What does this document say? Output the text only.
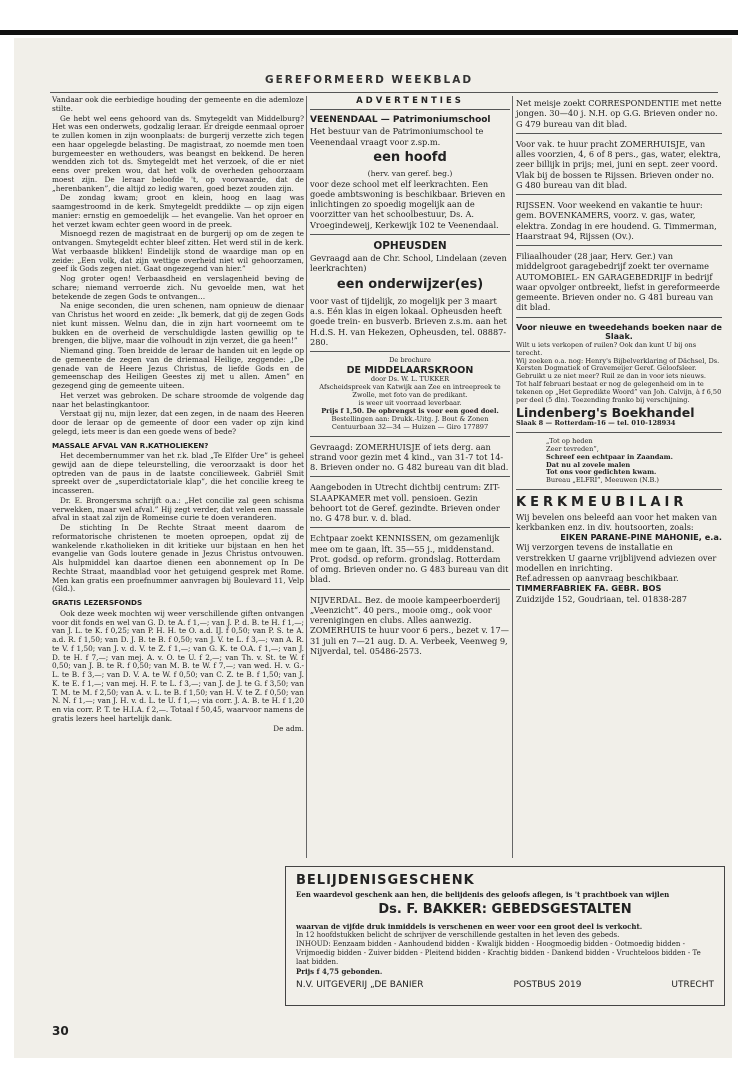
GEREFORMEERD WEEKBLAD

Vandaar ook die eerbiedige houding der gemeente en die ademloze stilte.

Ge hebt wel eens gehoord van ds. Smytegeldt van Middelburg? Het was een onderwets, godzalig leraar. Er dreigde eenmaal oproer te zullen komen in zijn woonplaats: de burgerij verzette zich tegen een haar opgelegde belasting. De magistraat, zo noemde men toen burgemeester en wethouders, was beangst en bekkend. De heren wendden zich tot ds. Smytegeldt met het verzoek, of die er niet eens over preken wou, dat het volk de overheden gehoorzaam moest zijn. De leraar beloofde 't, op voorwaarde, dat de „herenbanken”, die altijd zo ledig waren, goed bezet zouden zijn.

De zondag kwam; groot en klein, hoog en laag was saamgestroomd in de kerk. Smytegeldt preddikte — op zijn eigen manier: ernstig en gemoedelijk — het evangelie. Van het oproer en het verzet kwam echter geen woord in de preek.

Misnoegd rezen de magistraat en de burgerij op om de zegen te ontvangen. Smytegeldt echter bleef zitten. Het werd stil in de kerk. Wat verbaasde blikken! Eindelijk stond de waardige man op en zeide: „Een volk, dat zijn wettige overheid niet wil gehoorzamen, geef ik Gods zegen niet. Gaat ongezegend van hier.”

Nog groter ogen! Verbaasdheid en verslagenheid beving de schare; niemand verroerde zich. Nu gevoelde men, wat het betekende de zegen Gods te ontvangen…

Na enige seconden, die uren schenen, nam opnieuw de dienaar van Christus het woord en zeide: „Ik bemerk, dat gij de zegen Gods niet kunt missen. Welnu dan, die in zijn hart voorneemt om te bukken en de overheid de verschuldigde lasten gewillig op te brengen, die blijve, maar die volhoudt in zijn verzet, die ga heen!”

Niemand ging. Toen breidde de leraar de handen uit en legde op de gemeente de zegen van de driemaal Heilige, zeggende: „De genade van de Heere Jezus Christus, de liefde Gods en de gemeenschap des Heiligen Geestes zij met u allen. Amen” en gezegend ging de gemeente uiteen.

Het verzet was gebroken. De schare stroomde de volgende dag naar het belastingkantoor.

Verstaat gij nu, mijn lezer, dat een zegen, in de naam des Heeren door de leraar op de gemeente of door een vader op zijn kind gelegd, iets meer is dan een goede wens of bede?

MASSALE AFVAL VAN R.KATHOLIEKEN?

Het decembernummer van het r.k. blad „Te Elfder Ure” is geheel gewijd aan de diepe teleurstelling, die veroorzaakt is door het optreden van de paus in de laatste concilieweek. Gabriël Smit spreekt over de „superdictatoriale klap”, die het concilie kreeg te incasseren.

Dr. E. Brongersma schrijft o.a.: „Het concilie zal geen schisma verwekken, maar wel afval.” Hij zegt verder, dat velen een massale afval in staat zal zijn de Romeinse curie te doen veranderen.

De stichting In De Rechte Straat meent daarom de reformatorische christenen te moeten oproepen, opdat zij de wankelende r.katholieken in dit kritieke uur bijstaan en hen het evangelie van Gods loutere genade in Jezus Christus ontvouwen. Als hulpmiddel kan daartoe dienen een abonnement op In De Rechte Straat, maandblad voor het getuigend gesprek met Rome. Men kan gratis een proefnummer aanvragen bij Boulevard 11, Velp (Gld.).

GRATIS LEZERSFONDS

Ook deze week mochten wij weer verschillende giften ontvangen voor dit fonds en wel van G. D. te A. f 1,—; van J. P. d. B. te H. f 1,—; van J. L. te K. f 0,25; van P. H. H. te O. a.d. IJ. f 0,50; van P. S. te A. a.d. R. f 1,50; van D. J. B. te B. f 0,50; van J. V. te L. f 3,—; van A. R. te V. f 1,50; van J. v. d. V. te Z. f 1,—; van G. K. te O.A. f 1,—; van J. D. te H. f 7,—; van mej. A. v. O. te U. f 2,—; van Th. v. St. te W. f 0,50; van J. B. te R. f 0,50; van M. B. te W. f 7,—; van wed. H. v. G.-L. te B. f 3,—; van D. V. A. te W. f 0,50; van C. Z. te B. f 1,50; van J. K. te E. f 1,—; van mej. H. F. te L. f 3,—; van J. de J. te G. f 3,50; van T. M. te M. f 2,50; van A. v. L. te B. f 1,50; van H. V. te Z. f 0,50; van N. N. f 1,—; van J. H. v. d. L. te U. f 1,—; via corr. J. A. B. te H. f 1,20 en via corr. P. T. te H.I.A. f 2,—. Totaal f 50,45, waarvoor namens de gratis lezers heel hartelijk dank.

De adm.
ADVERTENTIES
VEENENDAAL — Patrimoniumschool
Het bestuur van de Patrimoniumschool te Veenendaal vraagt voor z.sp.m.
een hoofd
(herv. van geref. beg.)
voor deze school met elf leerkrachten. Een goede ambtswoning is beschikbaar. Brieven en inlichtingen zo spoedig mogelijk aan de voorzitter van het schoolbestuur, Ds. A. Vroegindeweij, Kerkewijk 102 te Veenendaal.
OPHEUSDEN
Gevraagd aan de Chr. School, Lindelaan (zeven leerkrachten)
een onderwijzer(es)
voor vast of tijdelijk, zo mogelijk per 3 maart a.s. Eén klas in eigen lokaal. Opheusden heeft goede trein- en busverb. Brieven z.s.m. aan het H.d.S. H. van Hekezen, Opheusden, tel. 08887-280.
De brochure
DE MIDDELAARSKROON
door Ds. W. L. TUKKER
Afscheidspreek van Katwijk aan Zee en intreepreek te Zwolle, met foto van de predikant.
is weer uit voorraad leverbaar.
Prijs f 1,50. De opbrengst is voor een goed doel.
Bestellingen aan: Drukk.-Uitg. J. Bout & Zonen Centuurbaan 32—34 — Huizen — Giro 177897
Gevraagd: ZOMERHUISJE of iets derg. aan strand voor gezin met 4 kind., van 31-7 tot 14-8. Brieven onder no. G 482 bureau van dit blad.
Aangeboden in Utrecht dichtbij centrum: ZIT-SLAAPKAMER met voll. pensioen. Gezin behoort tot de Geref. gezindte. Brieven onder no. G 478 bur. v. d. blad.
Echtpaar zoekt KENNISSEN, om gezamenlijk mee om te gaan, lft. 35—55 j., middenstand. Prot. godsd. op reform. grondslag. Rotterdam of omg. Brieven onder no. G 483 bureau van dit blad.
NIJVERDAL. Bez. de mooie kampeerboerderij „Veenzicht”. 40 pers., mooie omg., ook voor verenigingen en clubs. Alles aanwezig. ZOMERHUIS te huur voor 6 pers., bezet v. 17—31 juli en 7—21 aug. D. A. Verbeek, Veenweg 9, Nijverdal, tel. 05486-2573.
Net meisje zoekt CORRESPONDENTIE met nette jongen. 30—40 j. N.H. op G.G. Brieven onder no. G 479 bureau van dit blad.
Voor vak. te huur pracht ZOMERHUISJE, van alles voorzien, 4, 6 of 8 pers., gas, water, elektra, zeer billijk in prijs; mei, juni en sept. zeer voord. Vlak bij de bossen te Rijssen. Brieven onder no. G 480 bureau van dit blad.
RIJSSEN. Voor weekend en vakantie te huur: gem. BOVENKAMERS, voorz. v. gas, water, elektra. Zondag in ere houdend. G. Timmerman, Haarstraat 94, Rijssen (Ov.).
Filiaalhouder (28 jaar, Herv. Ger.) van middelgroot garagebedrijf zoekt ter overname AUTOMOBIEL- EN GARAGEBEDRIJF in bedrijf waar opvolger ontbreekt, liefst in gereformeerde gemeente. Brieven onder no. G 481 bureau van dit blad.
Voor nieuwe en tweedehands boeken naar de Slaak.
Wilt u iets verkopen of ruilen? Ook dan kunt U bij ons terecht.
Wij zoeken o.a. nog: Henry's Bijbelverklaring of Dächsel, Ds. Kersten Dogmatiek of Gravemeijer Geref. Geloofsleer. Gebruikt u ze niet meer? Ruil ze dan in voor iets nieuws.
Tot half februari bestaat er nog de gelegenheid om in te tekenen op „Het Gepredikte Woord” van Joh. Calvijn, à f 6,50 per deel (5 dln). Toezending franko bij verschijning.
Lindenberg's Boekhandel
Slaak 8 — Rotterdam-16 — tel. 010-128934
„Tot op heden
Zeer tevreden”,
Schreef een echtpaar in Zaandam.
Dat nu al zovele malen
Tot ons voor gedichten kwam.
Bureau „ELFRI”, Meeuwen (N.B.)
KERKMEUBILAIR
Wij bevelen ons beleefd aan voor het maken van kerkbanken enz. in div. houtsoorten, zoals:
EIKEN PARANE-PINE MAHONIE, e.a.
Wij verzorgen tevens de installatie en verstrekken U gaarne vrijblijvend adviezen over modellen en inrichting.
Ref.adressen op aanvraag beschikbaar.
TIMMERFABRIEK FA. GEBR. BOS
Zuidzijde 152, Goudriaan, tel. 01838-287
BELIJDENISGESCHENK
Een waardevol geschenk aan hen, die belijdenis des geloofs aflegen, is 't prachtboek van wijlen
Ds. F. BAKKER: GEBEDSGESTALTEN
waarvan de vijfde druk inmiddels is verschenen en weer voor een groot deel is verkocht.
In 12 hoofdstukken belicht de schrijver de verschillende gestalten in het leven des gebeds.
INHOUD: Eenzaam bidden - Aanhoudend bidden - Kwalijk bidden - Hoogmoedig bidden - Ootmoedig bidden - Vrijmoedig bidden - Zuiver bidden - Pleitend bidden - Krachtig bidden - Dankend bidden - Vruchteloos bidden - Te laat bidden.
Prijs f 4,75 gebonden.
N.V. UITGEVERIJ „DE BANIER	POSTBUS 2019	UTRECHT
30
